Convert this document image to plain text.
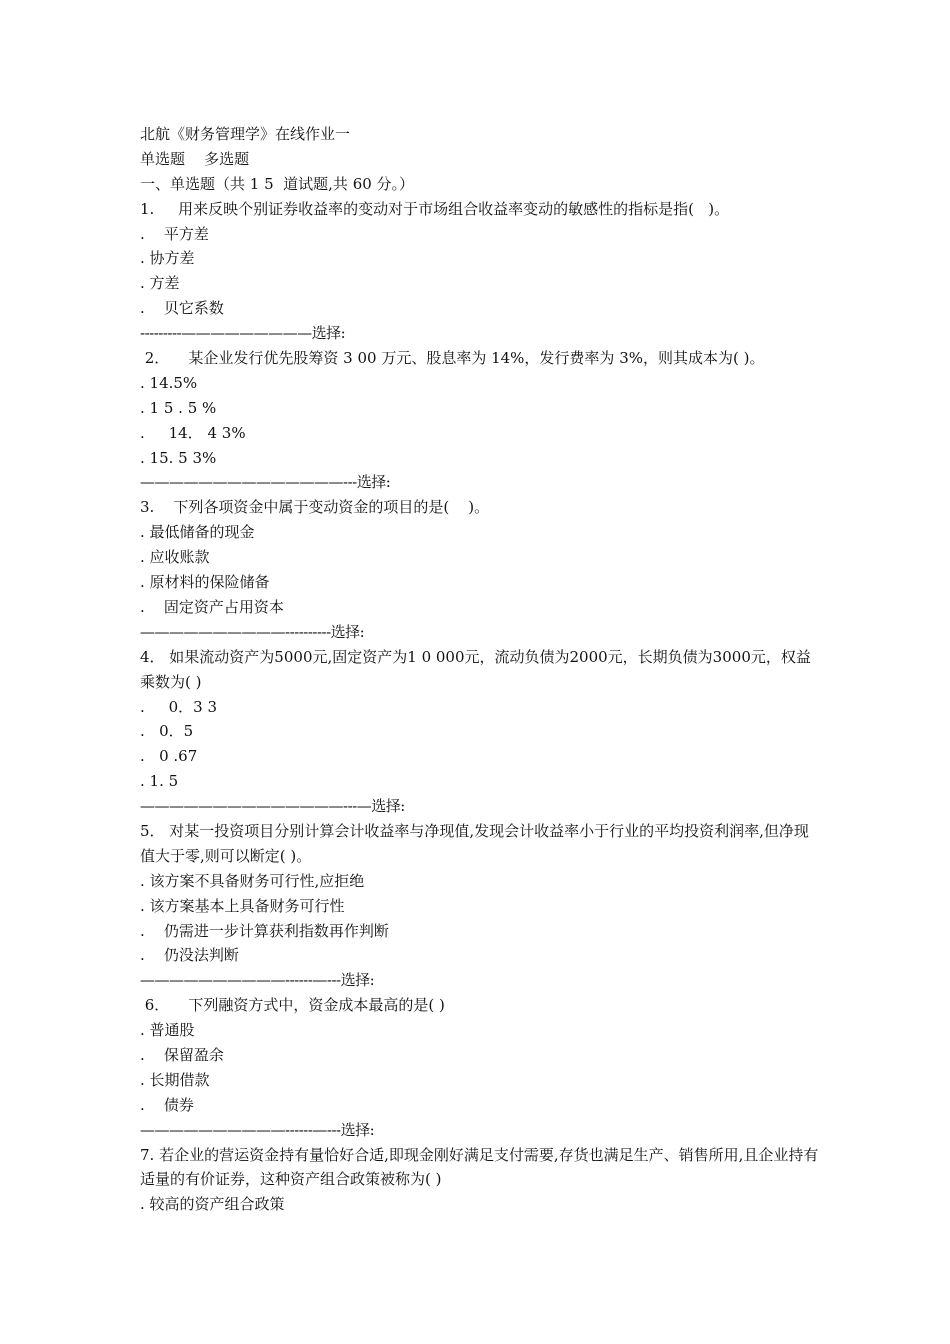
北航《财务管理学》在线作业一
单选题    多选题
一、单选题（共 1 5  道试题,共 60 分。）
1.     用来反映个别证券收益率的变动对于市场组合收益率变动的敏感性的指标是指(   )。
.    平方差
. 协方差
. 方差
.    贝它系数
---------—————————选择:
2．    某企业发行优先股筹资 3 00 万元、股息率为 14%，发行费率为 3%，则其成本为( )。
. 14.5%
. 1 5 . 5 %
.     14． 4 3%
. 15. 5 3%
——————————————---选择:
3.    下列各项资金中属于变动资金的项目的是(    )。
. 最低储备的现金
. 应收账款
. 原材料的保险储备
.    固定资产占用资本
——————————----------选择:
4． 如果流动资产为5000元,固定资产为1 0 000元，流动负债为2000元，长期负债为3000元，权益乘数为( )
.     0．3 3
.   0．5
.   0 .67
. 1. 5
——————————————---—选择:
5． 对某一投资项目分别计算会计收益率与净现值,发现会计收益率小于行业的平均投资利润率,但净现值大于零,则可以断定( )。
. 该方案不具备财务可行性,应拒绝
. 该方案基本上具备财务可行性
.    仍需进一步计算获利指数再作判断
.    仍没法判断
——————————------—---选择:
6．    下列融资方式中，资金成本最高的是( )
. 普通股
.    保留盈余
. 长期借款
.    债券
——————————------—---选择:
7. 若企业的营运资金持有量恰好合适,即现金刚好满足支付需要,存货也满足生产、销售所用,且企业持有适量的有价证券，这种资产组合政策被称为( )
. 较高的资产组合政策
